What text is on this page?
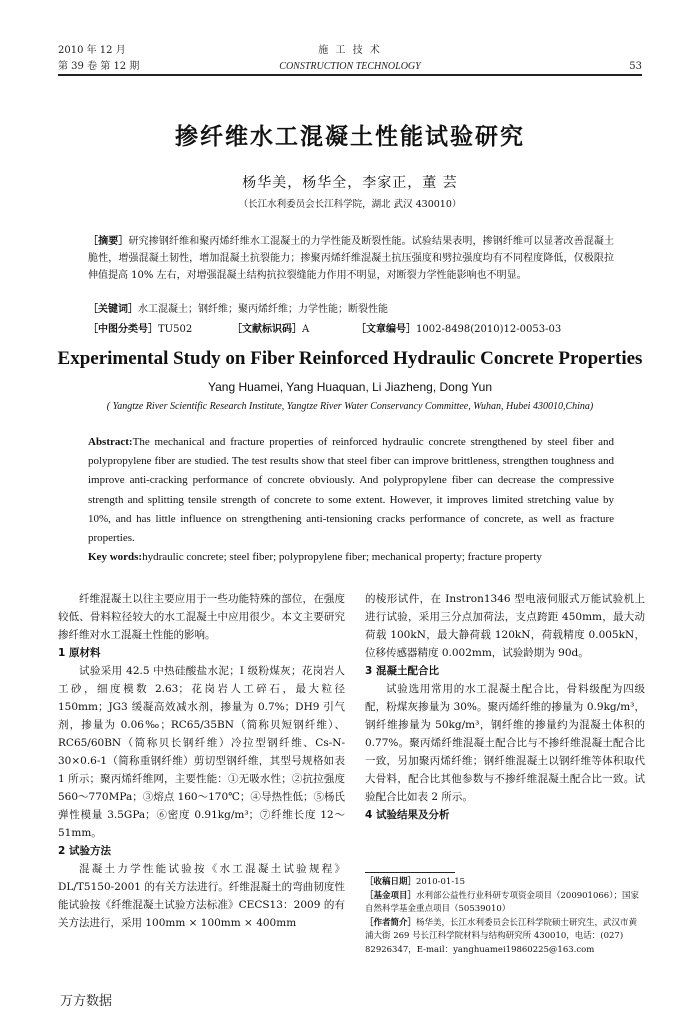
2010 年 12 月
第 39 卷 第 12 期
施 工 技 术
CONSTRUCTION TECHNOLOGY	53
掺纤维水工混凝土性能试验研究
杨华美，杨华全，李家正，董 芸
（长江水利委员会长江科学院，湖北 武汉 430010）
［摘要］研究掺钢纤维和聚丙烯纤维水工混凝土的力学性能及断裂性能。试验结果表明，掺钢纤维可以显著改善混凝土脆性，增强混凝土韧性，增加混凝土抗裂能力；掺聚丙烯纤维混凝土抗压强度和劈拉强度均有不同程度降低，仅极限拉伸值提高 10% 左右，对增强混凝土结构抗拉裂缝能力作用不明显，对断裂力学性能影响也不明显。
［关键词］水工混凝土；钢纤维；聚丙烯纤维；力学性能；断裂性能
［中图分类号］TU502	［文献标识码］A	［文章编号］1002-8498(2010)12-0053-03
Experimental Study on Fiber Reinforced Hydraulic Concrete Properties
Yang Huamei, Yang Huaquan, Li Jiazheng, Dong Yun
( Yangtze River Scientific Research Institute, Yangtze River Water Conservancy Committee, Wuhan, Hubei 430010,China)
Abstract:The mechanical and fracture properties of reinforced hydraulic concrete strengthened by steel fiber and polypropylene fiber are studied. The test results show that steel fiber can improve brittleness, strengthen toughness and improve anti-cracking performance of concrete obviously. And polypropylene fiber can decrease the compressive strength and splitting tensile strength of concrete to some extent. However, it improves limited stretching value by 10%, and has little influence on strengthening anti-tensioning cracks performance of concrete, as well as fracture properties.
Key words:hydraulic concrete; steel fiber; polypropylene fiber; mechanical property; fracture property

纤维混凝土以往主要应用于一些功能特殊的部位，在强度较低、骨料粒径较大的水工混凝土中应用很少。本文主要研究掺纤维对水工混凝土性能的影响。

1 原材料

试验采用 42.5 中热硅酸盐水泥；I 级粉煤灰；花岗岩人工砂，细度模数 2.63；花岗岩人工碎石，最大粒径 150mm；JG3 缓凝高效减水剂，掺量为 0.7%；DH9 引气剂，掺量为 0.06‰；RC65/35BN（简称贝短钢纤维）、RC65/60BN（简称贝长钢纤维）冷拉型钢纤维、Cs-N-30×0.6-1（简称重钢纤维）剪切型钢纤维，其型号规格如表 1 所示；聚丙烯纤维网，主要性能：①无吸水性；②抗拉强度 560～770MPa；③熔点 160～170℃；④导热性低；⑤杨氏弹性模量 3.5GPa；⑥密度 0.91kg/m³；⑦纤维长度 12～51mm。

2 试验方法

混凝土力学性能试验按《水工混凝土试验规程》DL/T5150-2001 的有关方法进行。纤维混凝土的弯曲韧度性能试验按《纤维混凝土试验方法标准》CECS13：2009 的有关方法进行，采用 100mm × 100mm × 400mm

的棱形试件，在 Instron1346 型电液伺服式万能试验机上进行试验，采用三分点加荷法，支点跨距 450mm，最大动荷载 100kN，最大静荷载 120kN，荷载精度 0.005kN，位移传感器精度 0.002mm，试验龄期为 90d。

3 混凝土配合比

试验选用常用的水工混凝土配合比，骨料级配为四级配，粉煤灰掺量为 30%。聚丙烯纤维的掺量为 0.9kg/m³，钢纤维掺量为 50kg/m³，钢纤维的掺量约为混凝土体积的 0.77%。聚丙烯纤维混凝土配合比与不掺纤维混凝土配合比一致，另加聚丙烯纤维；钢纤维混凝土以钢纤维等体积取代大骨料，配合比其他参数与不掺纤维混凝土配合比一致。试验配合比如表 2 所示。

4 试验结果及分析

［收稿日期］2010-01-15

［基金项目］水利部公益性行业科研专项资金项目（200901066）；国家自然科学基金重点项目（50539010）

［作者简介］杨华美，长江水利委员会长江科学院硕士研究生，武汉市黄浦大街 269 号长江科学院材料与结构研究所 430010，电话：(027) 82926347，E-mail：yanghuamei19860225@163.com

万方数据
